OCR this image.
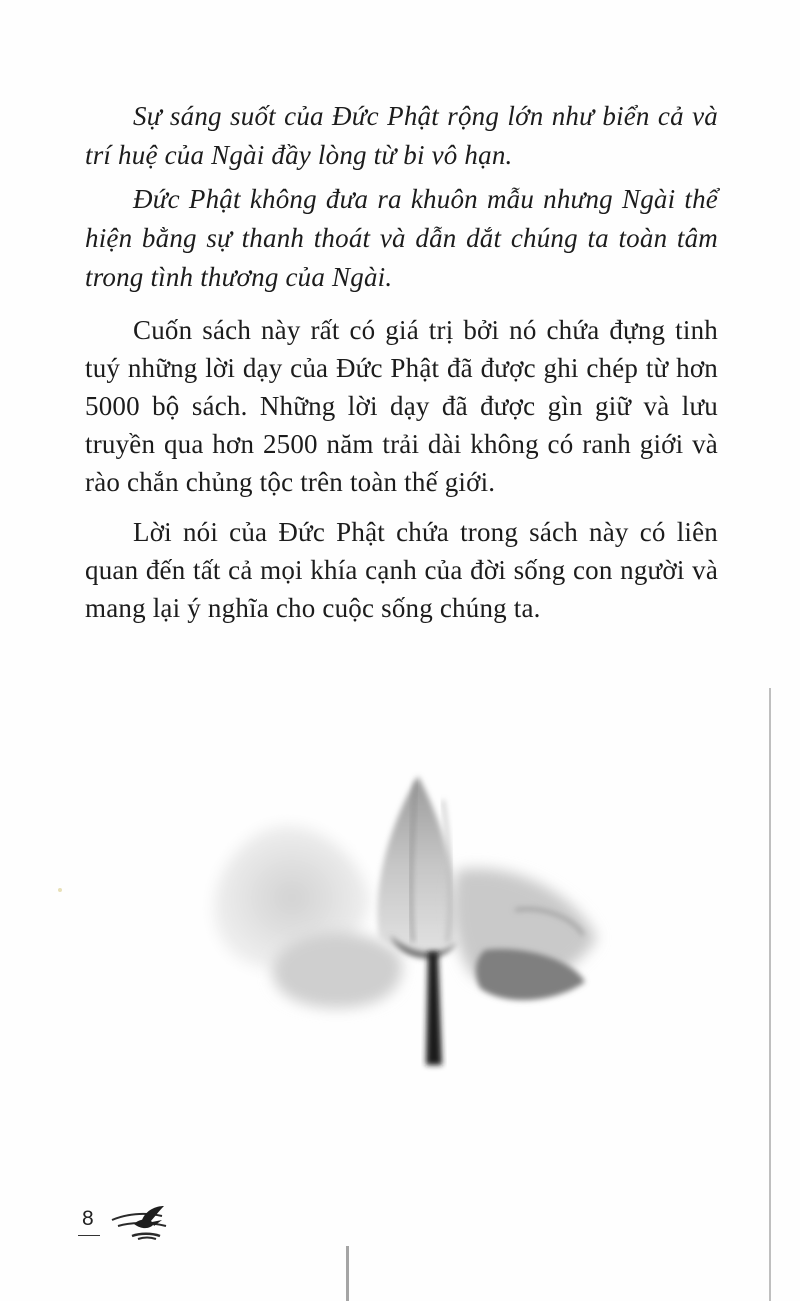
Sự sáng suốt của Đức Phật rộng lớn như biển cả và trí huệ của Ngài đầy lòng từ bi vô hạn.

Đức Phật không đưa ra khuôn mẫu nhưng Ngài thể hiện bằng sự thanh thoát và dẫn dắt chúng ta toàn tâm trong tình thương của Ngài.

Cuốn sách này rất có giá trị bởi nó chứa đựng tinh tuý những lời dạy của Đức Phật đã được ghi chép từ hơn 5000 bộ sách. Những lời dạy đã được gìn giữ và lưu truyền qua hơn 2500 năm trải dài không có ranh giới và rào chắn chủng tộc trên toàn thế giới.

Lời nói của Đức Phật chứa trong sách này có liên quan đến tất cả mọi khía cạnh của đời sống con người và mang lại ý nghĩa cho cuộc sống chúng ta.

8
